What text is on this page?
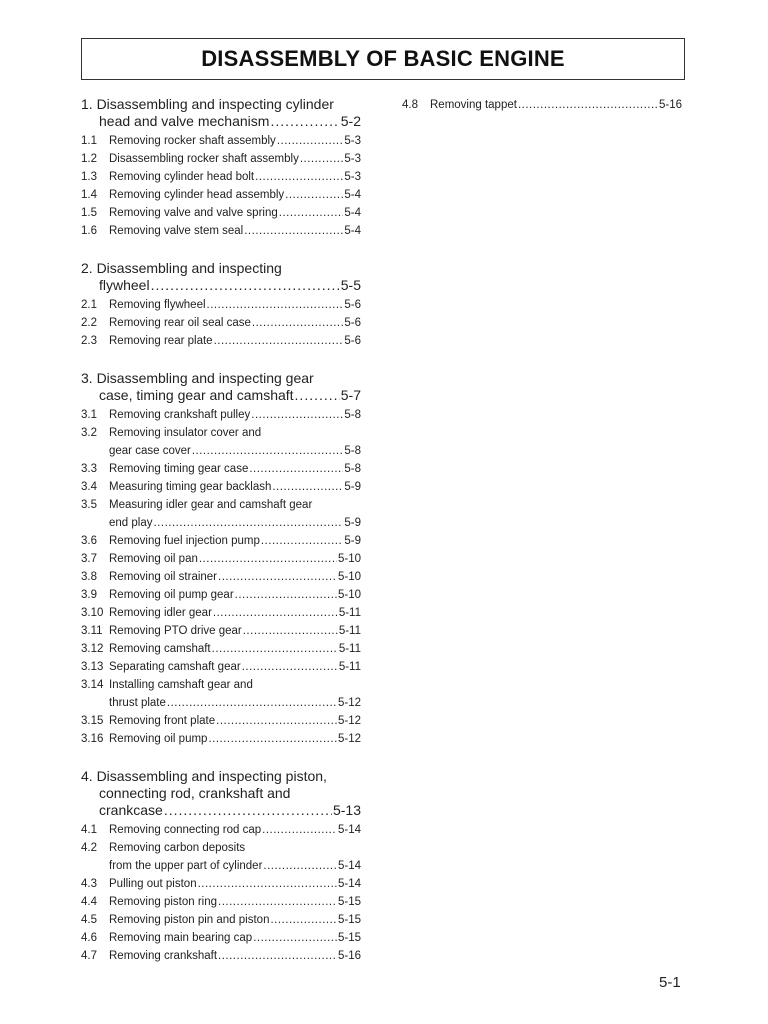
DISASSEMBLY OF BASIC ENGINE
1. Disassembling and inspecting cylinder
head and valve mechanism .....	5-2
1.1	Removing rocker shaft assembly .....	5-3
1.2	Disassembling rocker shaft assembly .....	5-3
1.3	Removing cylinder head bolt .....	5-3
1.4	Removing cylinder head assembly .....	5-4
1.5	Removing valve and valve spring .....	5-4
1.6	Removing valve stem seal .....	5-4
2. Disassembling and inspecting
flywheel .....	5-5
2.1	Removing flywheel .....	5-6
2.2	Removing rear oil seal case .....	5-6
2.3	Removing rear plate .....	5-6
3. Disassembling and inspecting gear
case, timing gear and camshaft .....	5-7
3.1	Removing crankshaft pulley .....	5-8
3.2	Removing insulator cover and
gear case cover .....	5-8
3.3	Removing timing gear case .....	5-8
3.4	Measuring timing gear backlash .....	5-9
3.5	Measuring idler gear and camshaft gear
end play .....	5-9
3.6	Removing fuel injection pump .....	5-9
3.7	Removing oil pan .....	5-10
3.8	Removing oil strainer .....	5-10
3.9	Removing oil pump gear .....	5-10
3.10 Removing idler gear .....	5-11
3.11 Removing PTO drive gear .....	5-11
3.12 Removing camshaft .....	5-11
3.13 Separating camshaft gear .....	5-11
3.14 Installing camshaft gear and
thrust plate .....	5-12
3.15 Removing front plate .....	5-12
3.16 Removing oil pump .....	5-12
4. Disassembling and inspecting piston,
connecting rod, crankshaft and
crankcase .....	5-13
4.1	Removing connecting rod cap .....	5-14
4.2	Removing carbon deposits
from the upper part of cylinder .....	5-14
4.3	Pulling out piston .....	5-14
4.4	Removing piston ring .....	5-15
4.5	Removing piston pin and piston .....	5-15
4.6	Removing main bearing cap .....	5-15
4.7	Removing crankshaft .....	5-16
4.8	Removing tappet .....	5-16
5-1
